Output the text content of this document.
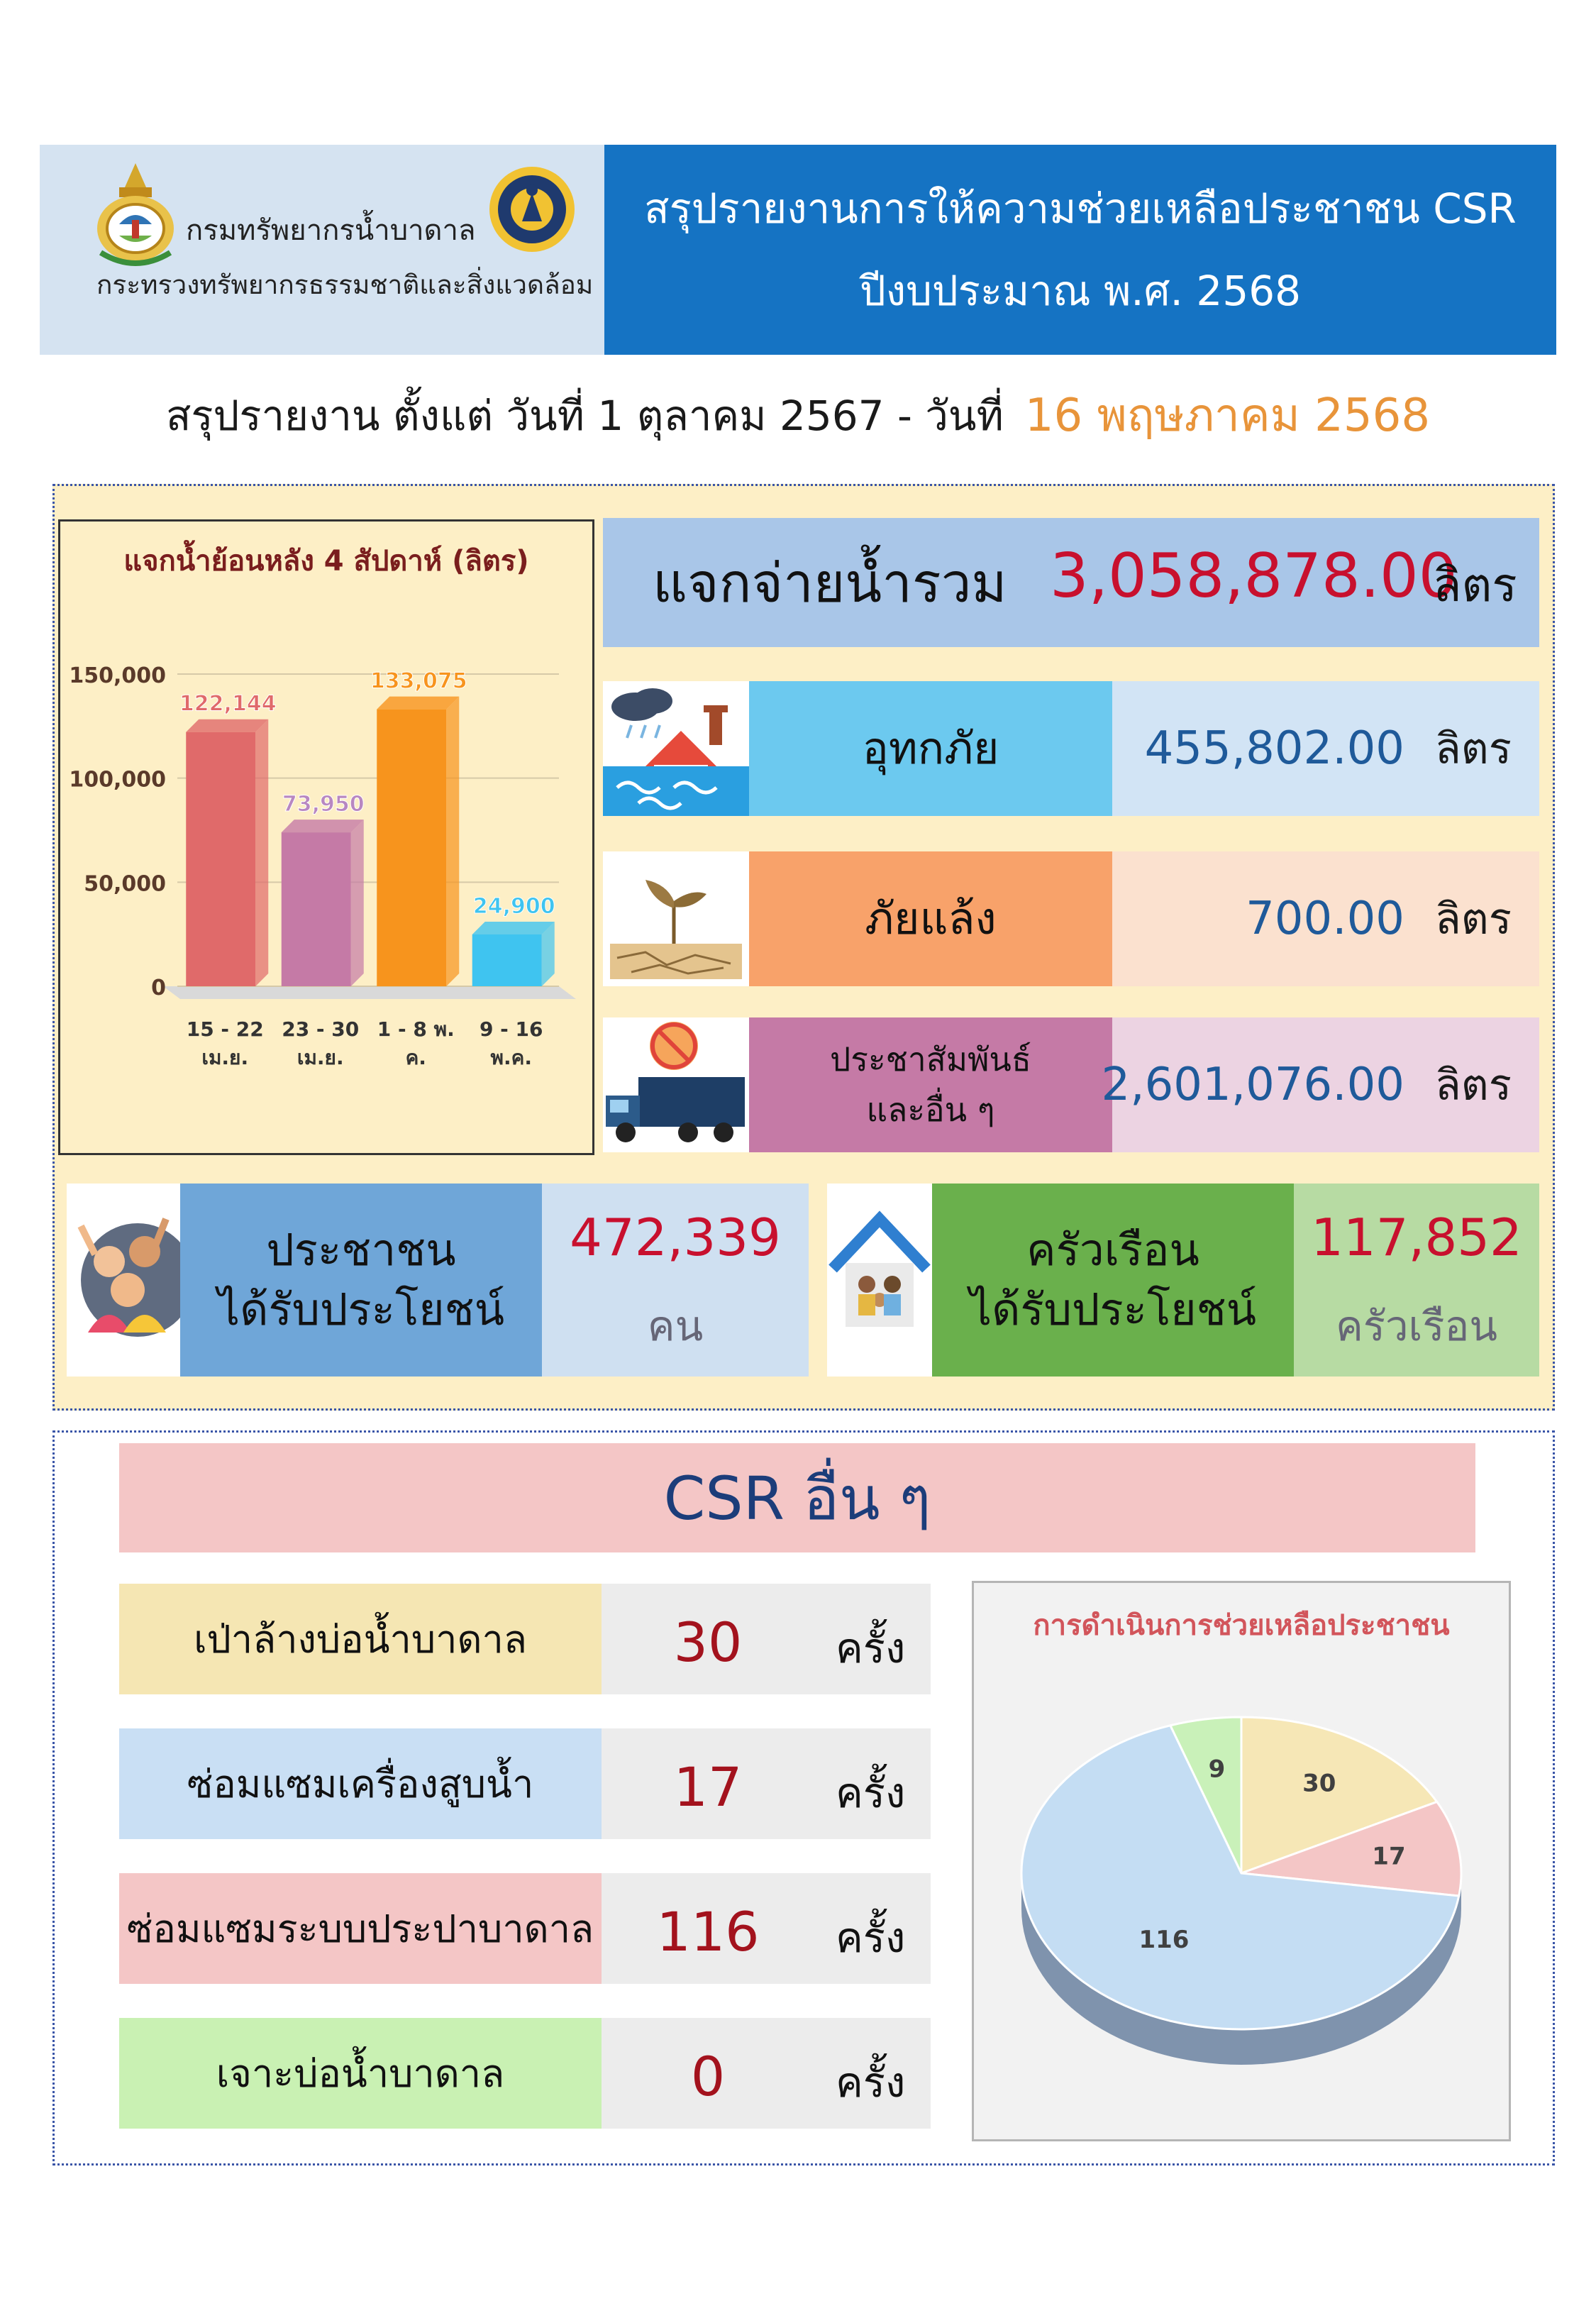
กรมทรัพยากรน้ำบาดาล
กระทรวงทรัพยากรธรรมชาติและสิ่งแวดล้อม
สรุปรายงานการให้ความช่วยเหลือประชาชน CSR
ปีงบประมาณ พ.ศ. 2568
สรุปรายงาน ตั้งแต่ วันที่ 1 ตุลาคม 2567 - วันที่ 16 พฤษภาคม 2568
แจกน้ำย้อนหลัง 4 สัปดาห์ (ลิตร)
0
50,000
100,000
150,000
122,144
15 - 22
เม.ย.
73,950
23 - 30
เม.ย.
133,075
1 - 8 พ.
ค.
24,900
9 - 16
พ.ค.
แจกจ่ายน้ำรวม 3,058,878.00
ลิตร
อุทกภัย	455,802.00 ลิตร
ภัยแล้ง	700.00 ลิตร
ประชาสัมพันธ์
และอื่น ๆ 2,601,076.00 ลิตร
ประชาชน
ได้รับประโยชน์
472,339
คน
ครัวเรือน
ได้รับประโยชน์
117,852
ครัวเรือน
CSR อื่น ๆ
เป่าล้างบ่อน้ำบาดาล	30	ครั้ง
ซ่อมแซมเครื่องสูบน้ำ	17	ครั้ง
ซ่อมแซมระบบประปาบาดาล	116	ครั้ง
เจาะบ่อน้ำบาดาล	0	ครั้ง
การดำเนินการช่วยเหลือประชาชน
30
17
116
9
